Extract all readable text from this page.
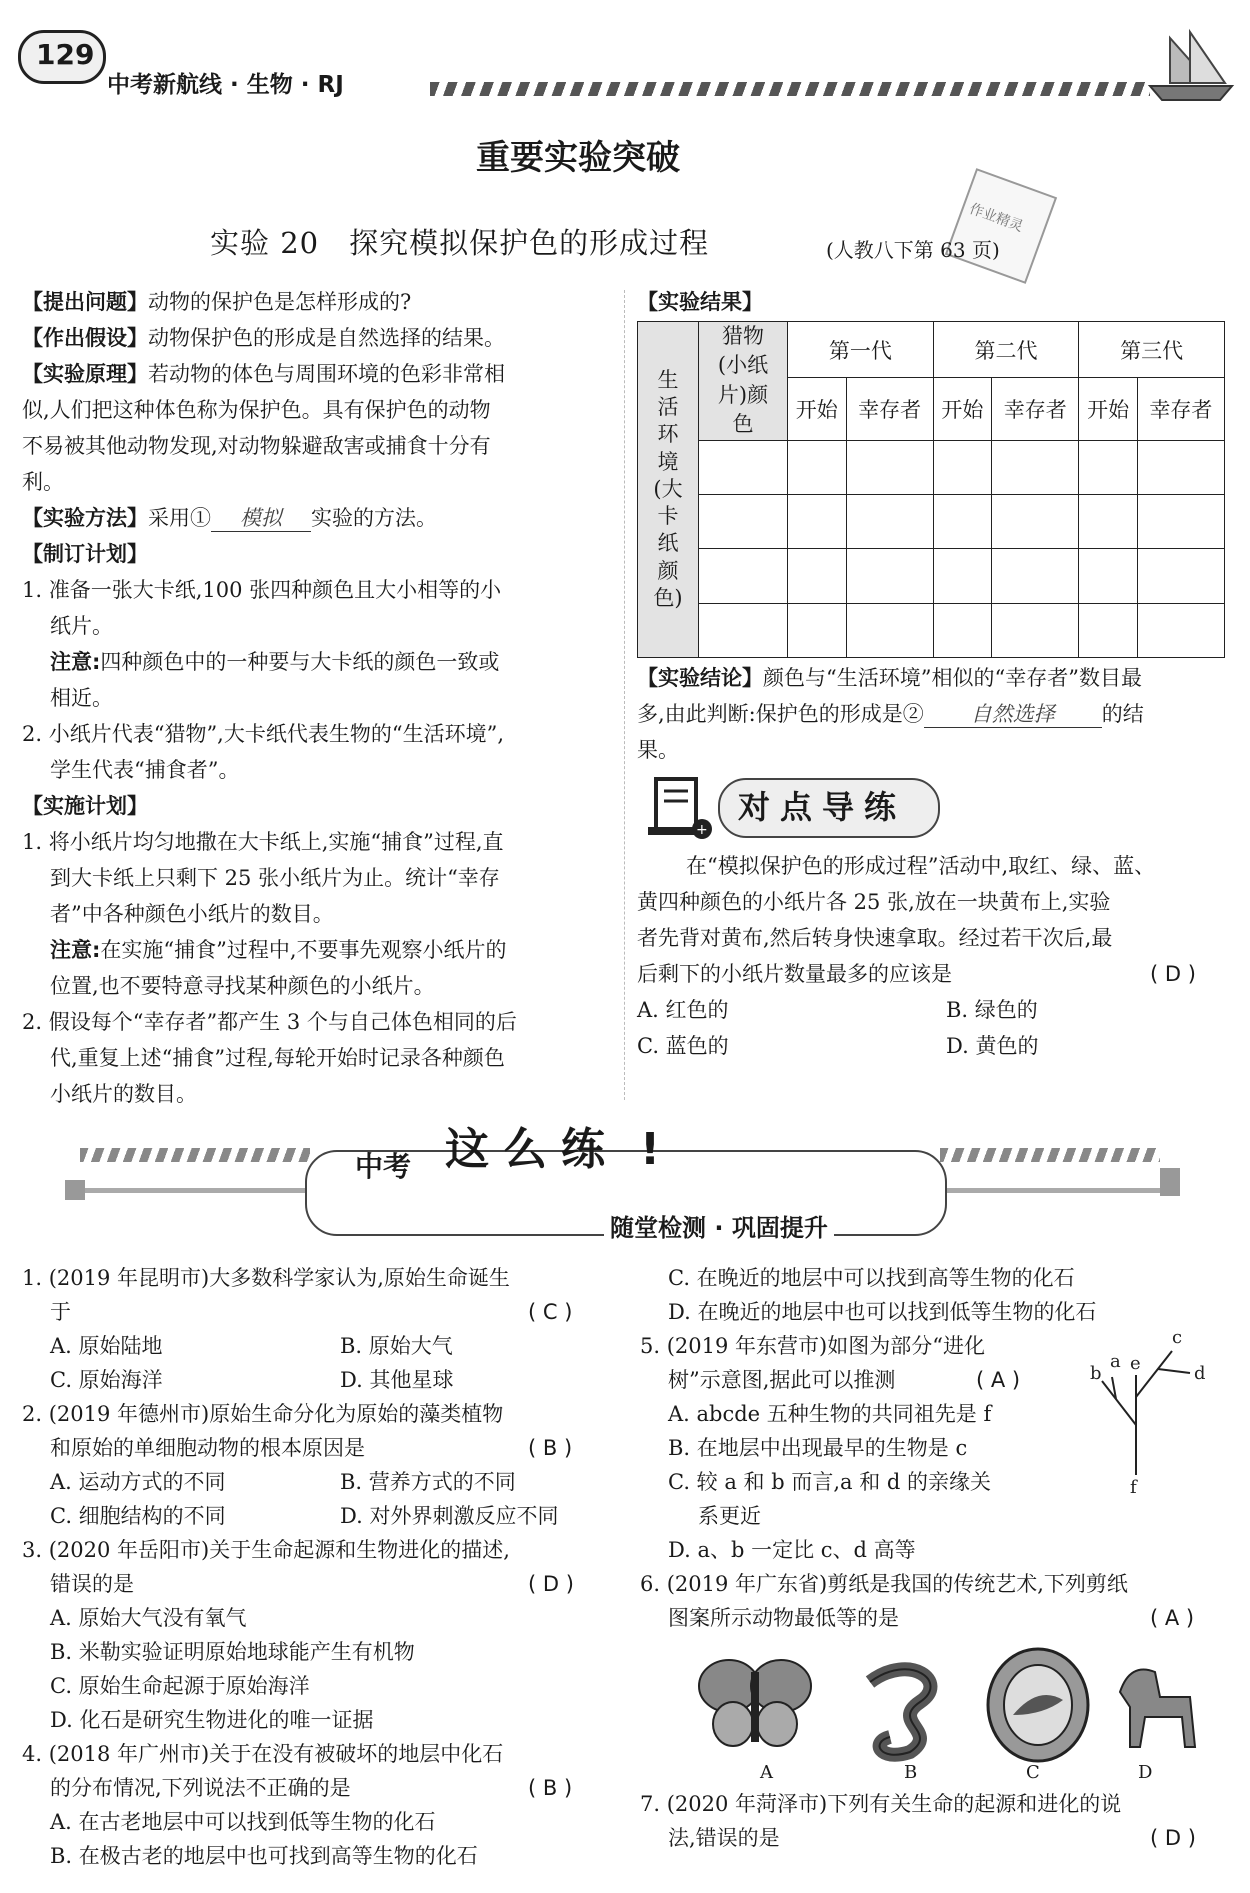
129
中考新航线 · 生物 · RJ
重要实验突破
作业精灵
实验 20　探究模拟保护色的形成过程	(人教八下第 63 页)
【提出问题】动物的保护色是怎样形成的?
【作出假设】动物保护色的形成是自然选择的结果。
【实验原理】若动物的体色与周围环境的色彩非常相
似,人们把这种体色称为保护色。具有保护色的动物
不易被其他动物发现,对动物躲避敌害或捕食十分有
利。
【实验方法】采用① 模拟 实验的方法。
【制订计划】
1. 准备一张大卡纸,100 张四种颜色且大小相等的小
纸片。
注意:四种颜色中的一种要与大卡纸的颜色一致或
相近。
2. 小纸片代表“猎物”,大卡纸代表生物的“生活环境”,
学生代表“捕食者”。
【实施计划】
1. 将小纸片均匀地撒在大卡纸上,实施“捕食”过程,直
到大卡纸上只剩下 25 张小纸片为止。统计“幸存
者”中各种颜色小纸片的数目。
注意:在实施“捕食”过程中,不要事先观察小纸片的
位置,也不要特意寻找某种颜色的小纸片。
2. 假设每个“幸存者”都产生 3 个与自己体色相同的后
代,重复上述“捕食”过程,每轮开始时记录各种颜色
小纸片的数目。
【实验结果】
生活环境(大卡纸颜色)	猎物(小纸片)颜色	第一代		第二代		第三代	
		开始	幸存者	开始	幸存者	开始	幸存者

【实验结论】颜色与“生活环境”相似的“幸存者”数目最
多,由此判断:保护色的形成是② 自然选择 的结
果。
+
对点导练
在“模拟保护色的形成过程”活动中,取红、绿、蓝、
黄四种颜色的小纸片各 25 张,放在一块黄布上,实验
者先背对黄布,然后转身快速拿取。经过若干次后,最
后剩下的小纸片数量最多的应该是	( D )
A. 红色的	B. 绿色的
C. 蓝色的	D. 黄色的
中考 这么练 !
随堂检测 · 巩固提升
1. (2019 年昆明市)大多数科学家认为,原始生命诞生
于	( C )
A. 原始陆地	B. 原始大气
C. 原始海洋	D. 其他星球
2. (2019 年德州市)原始生命分化为原始的藻类植物
和原始的单细胞动物的根本原因是	( B )
A. 运动方式的不同	B. 营养方式的不同
C. 细胞结构的不同	D. 对外界刺激反应不同
3. (2020 年岳阳市)关于生命起源和生物进化的描述,
错误的是	( D )
A. 原始大气没有氧气
B. 米勒实验证明原始地球能产生有机物
C. 原始生命起源于原始海洋
D. 化石是研究生物进化的唯一证据
4. (2018 年广州市)关于在没有被破坏的地层中化石
的分布情况,下列说法不正确的是	( B )
A. 在古老地层中可以找到低等生物的化石
B. 在极古老的地层中也可找到高等生物的化石
C. 在晚近的地层中可以找到高等生物的化石
D. 在晚近的地层中也可以找到低等生物的化石
5. (2019 年东营市)如图为部分“进化
树”示意图,据此可以推测	( A )
A. abcde 五种生物的共同祖先是 f
B. 在地层中出现最早的生物是 c
C. 较 a 和 b 而言,a 和 d 的亲缘关
系更近
D. a、b 一定比 c、d 高等
a
b
c
d
e
f
6. (2019 年广东省)剪纸是我国的传统艺术,下列剪纸
图案所示动物最低等的是	( A )
A	B	C	D
7. (2020 年菏泽市)下列有关生命的起源和进化的说
法,错误的是	( D )
